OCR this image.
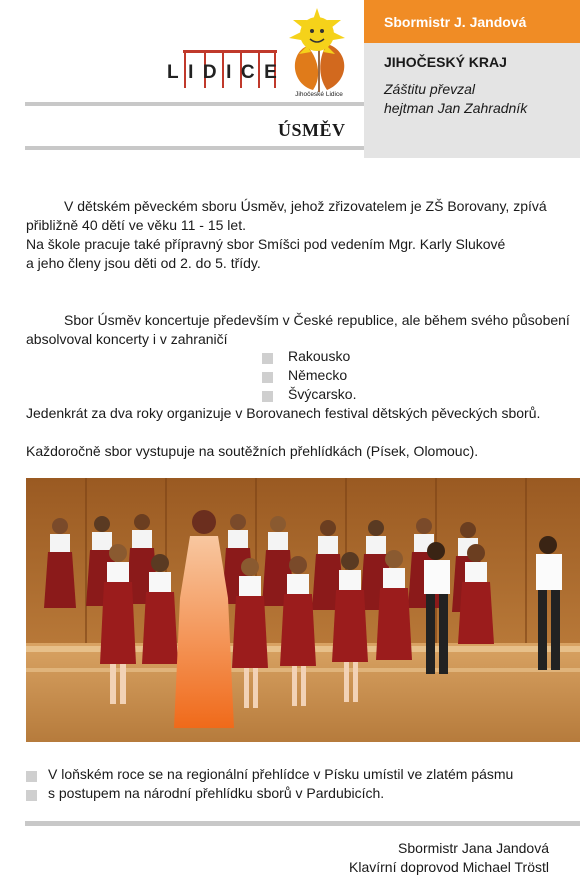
LIDICE
Jihočeské Lidice
Sbormistr J. Jandová
JIHOČESKÝ KRAJ
Záštitu převzal
hejtman Jan Zahradník
ÚSMĚV
V dětském pěveckém sboru Úsměv, jehož zřizovatelem je ZŠ Borovany, zpívá
přibližně 40 dětí ve věku 11 - 15 let.
Na škole pracuje také přípravný sbor Smíšci pod vedením Mgr. Karly Slukové
a jeho členy jsou děti od 2. do 5. třídy.
Sbor Úsměv koncertuje především v České republice, ale během svého působení
absolvoval koncerty i v zahraničí
Rakousko
Německo
Švýcarsko.
Jedenkrát za dva roky organizuje v Borovanech festival dětských pěveckých sborů.
Každoročně sbor vystupuje na soutěžních přehlídkách (Písek, Olomouc).
V loňském roce se na regionální přehlídce v Písku umístil ve zlatém pásmu
s postupem na národní přehlídku sborů v Pardubicích.
Sbormistr Jana Jandová
Klavírní doprovod Michael Tröstl
